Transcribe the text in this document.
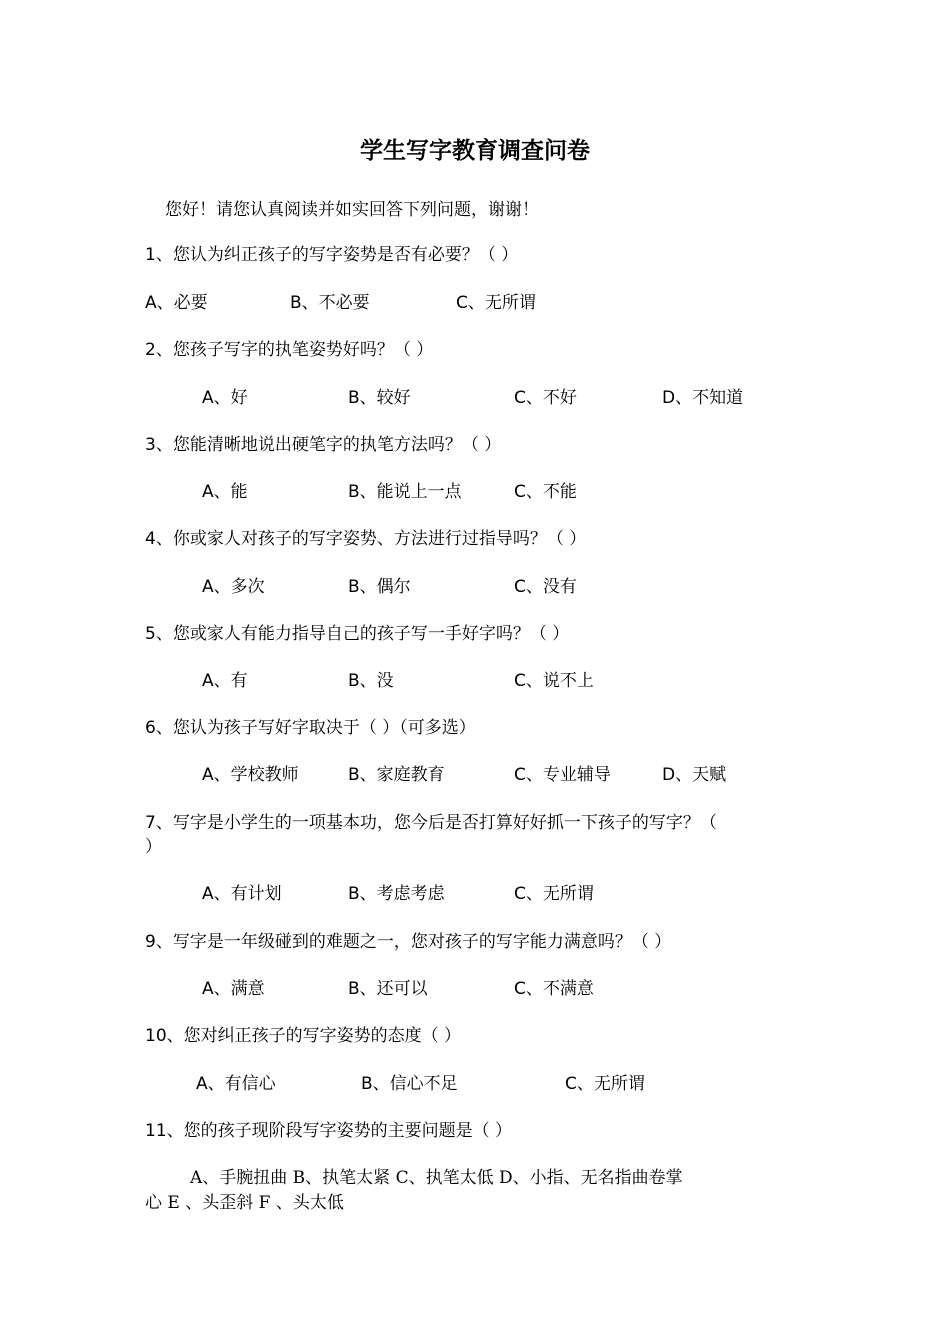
学生写字教育调查问卷
您好！请您认真阅读并如实回答下列问题，谢谢！
1、您认为纠正孩子的写字姿势是否有必要？（ ）
A、必要	B、不必要	C、无所谓
2、您孩子写字的执笔姿势好吗？（ ）
A、好	B、较好	C、不好	D、不知道
3、您能清晰地说出硬笔字的执笔方法吗？（ ）
A、能	B、能说上一点	C、不能
4、你或家人对孩子的写字姿势、方法进行过指导吗？（ ）
A、多次	B、偶尔	C、没有
5、您或家人有能力指导自己的孩子写一手好字吗？（ ）
A、有	B、没	C、说不上
6、您认为孩子写好字取决于（ ）（可多选）
A、学校教师	B、家庭教育	C、专业辅导	D、天赋
7、写字是小学生的一项基本功，您今后是否打算好好抓一下孩子的写字？（
）
A、有计划	B、考虑考虑	C、无所谓
9、写字是一年级碰到的难题之一，您对孩子的写字能力满意吗？（ ）
A、满意	B、还可以	C、不满意
10、您对纠正孩子的写字姿势的态度（ ）
A、有信心	B、信心不足	C、无所谓
11、您的孩子现阶段写字姿势的主要问题是（ ）
A、手腕扭曲 B、执笔太紧 C、执笔太低 D、小指、无名指曲卷掌
心 E 、头歪斜 F 、头太低
